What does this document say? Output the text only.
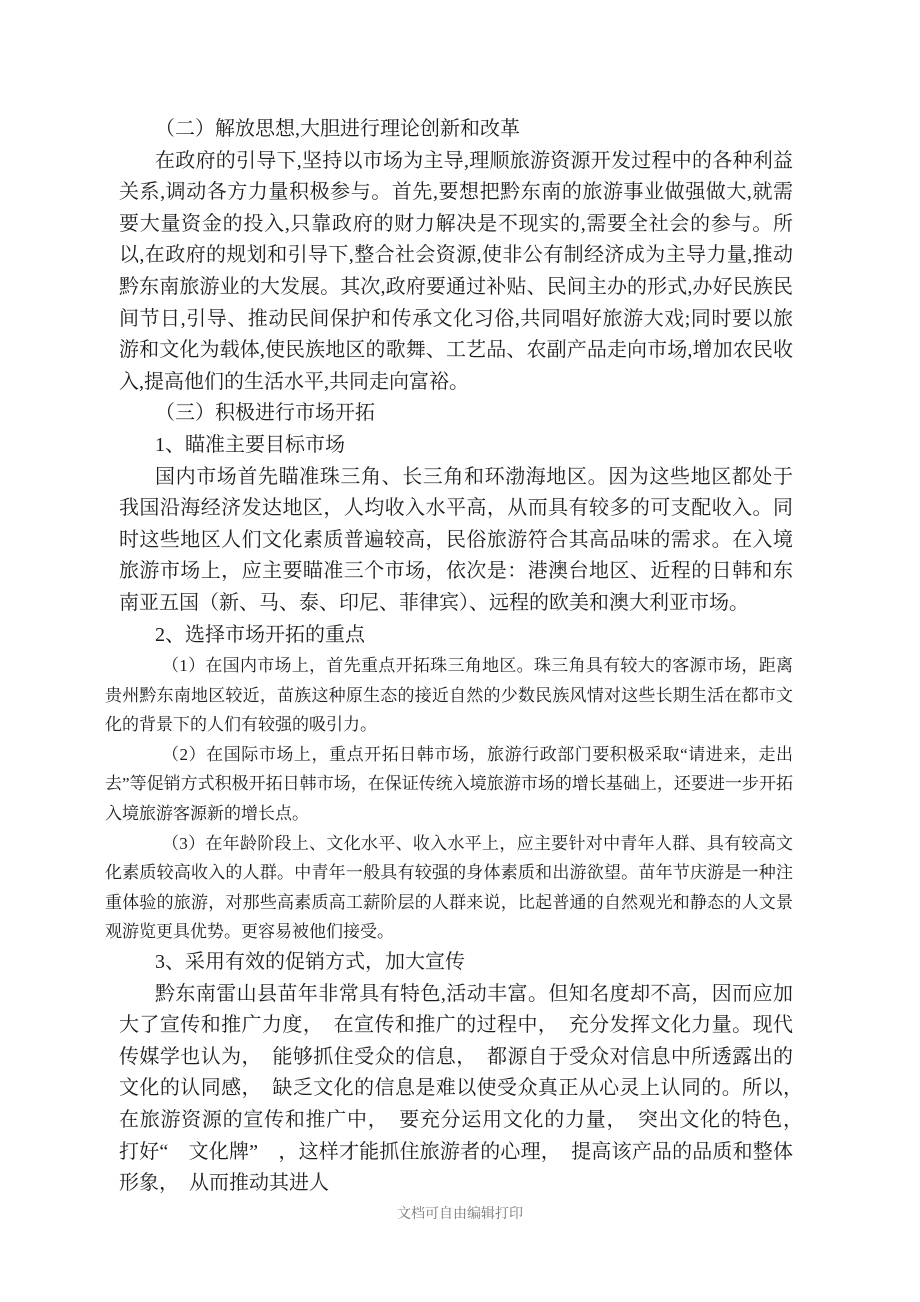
（二）解放思想,大胆进行理论创新和改革

在政府的引导下,坚持以市场为主导,理顺旅游资源开发过程中的各种利益关系,调动各方力量积极参与。首先,要想把黔东南的旅游事业做强做大,就需要大量资金的投入,只靠政府的财力解决是不现实的,需要全社会的参与。所以,在政府的规划和引导下,整合社会资源,使非公有制经济成为主导力量,推动黔东南旅游业的大发展。其次,政府要通过补贴、民间主办的形式,办好民族民间节日,引导、推动民间保护和传承文化习俗,共同唱好旅游大戏;同时要以旅游和文化为载体,使民族地区的歌舞、工艺品、农副产品走向市场,增加农民收入,提高他们的生活水平,共同走向富裕。

（三）积极进行市场开拓

1、瞄准主要目标市场

国内市场首先瞄准珠三角、长三角和环渤海地区。因为这些地区都处于我国沿海经济发达地区，人均收入水平高，从而具有较多的可支配收入。同时这些地区人们文化素质普遍较高，民俗旅游符合其高品味的需求。在入境旅游市场上，应主要瞄准三个市场，依次是：港澳台地区、近程的日韩和东南亚五国（新、马、泰、印尼、菲律宾）、远程的欧美和澳大利亚市场。

2、选择市场开拓的重点

（1）在国内市场上，首先重点开拓珠三角地区。珠三角具有较大的客源市场，距离贵州黔东南地区较近，苗族这种原生态的接近自然的少数民族风情对这些长期生活在都市文化的背景下的人们有较强的吸引力。

（2）在国际市场上，重点开拓日韩市场，旅游行政部门要积极采取“请进来，走出去”等促销方式积极开拓日韩市场，在保证传统入境旅游市场的增长基础上，还要进一步开拓入境旅游客源新的增长点。

（3）在年龄阶段上、文化水平、收入水平上，应主要针对中青年人群、具有较高文化素质较高收入的人群。中青年一般具有较强的身体素质和出游欲望。苗年节庆游是一种注重体验的旅游，对那些高素质高工薪阶层的人群来说，比起普通的自然观光和静态的人文景观游览更具优势。更容易被他们接受。

3、采用有效的促销方式，加大宣传

黔东南雷山县苗年非常具有特色,活动丰富。但知名度却不高，因而应加大了宣传和推广力度，　在宣传和推广的过程中，　充分发挥文化力量。现代传媒学也认为，　能够抓住受众的信息，　都源自于受众对信息中所透露出的文化的认同感，　缺乏文化的信息是难以使受众真正从心灵上认同的。所以，　在旅游资源的宣传和推广中，　要充分运用文化的力量，　突出文化的特色，　打好“　文化牌”　，这样才能抓住旅游者的心理，　提高该产品的品质和整体形象，　从而推动其进人

文档可自由编辑打印
